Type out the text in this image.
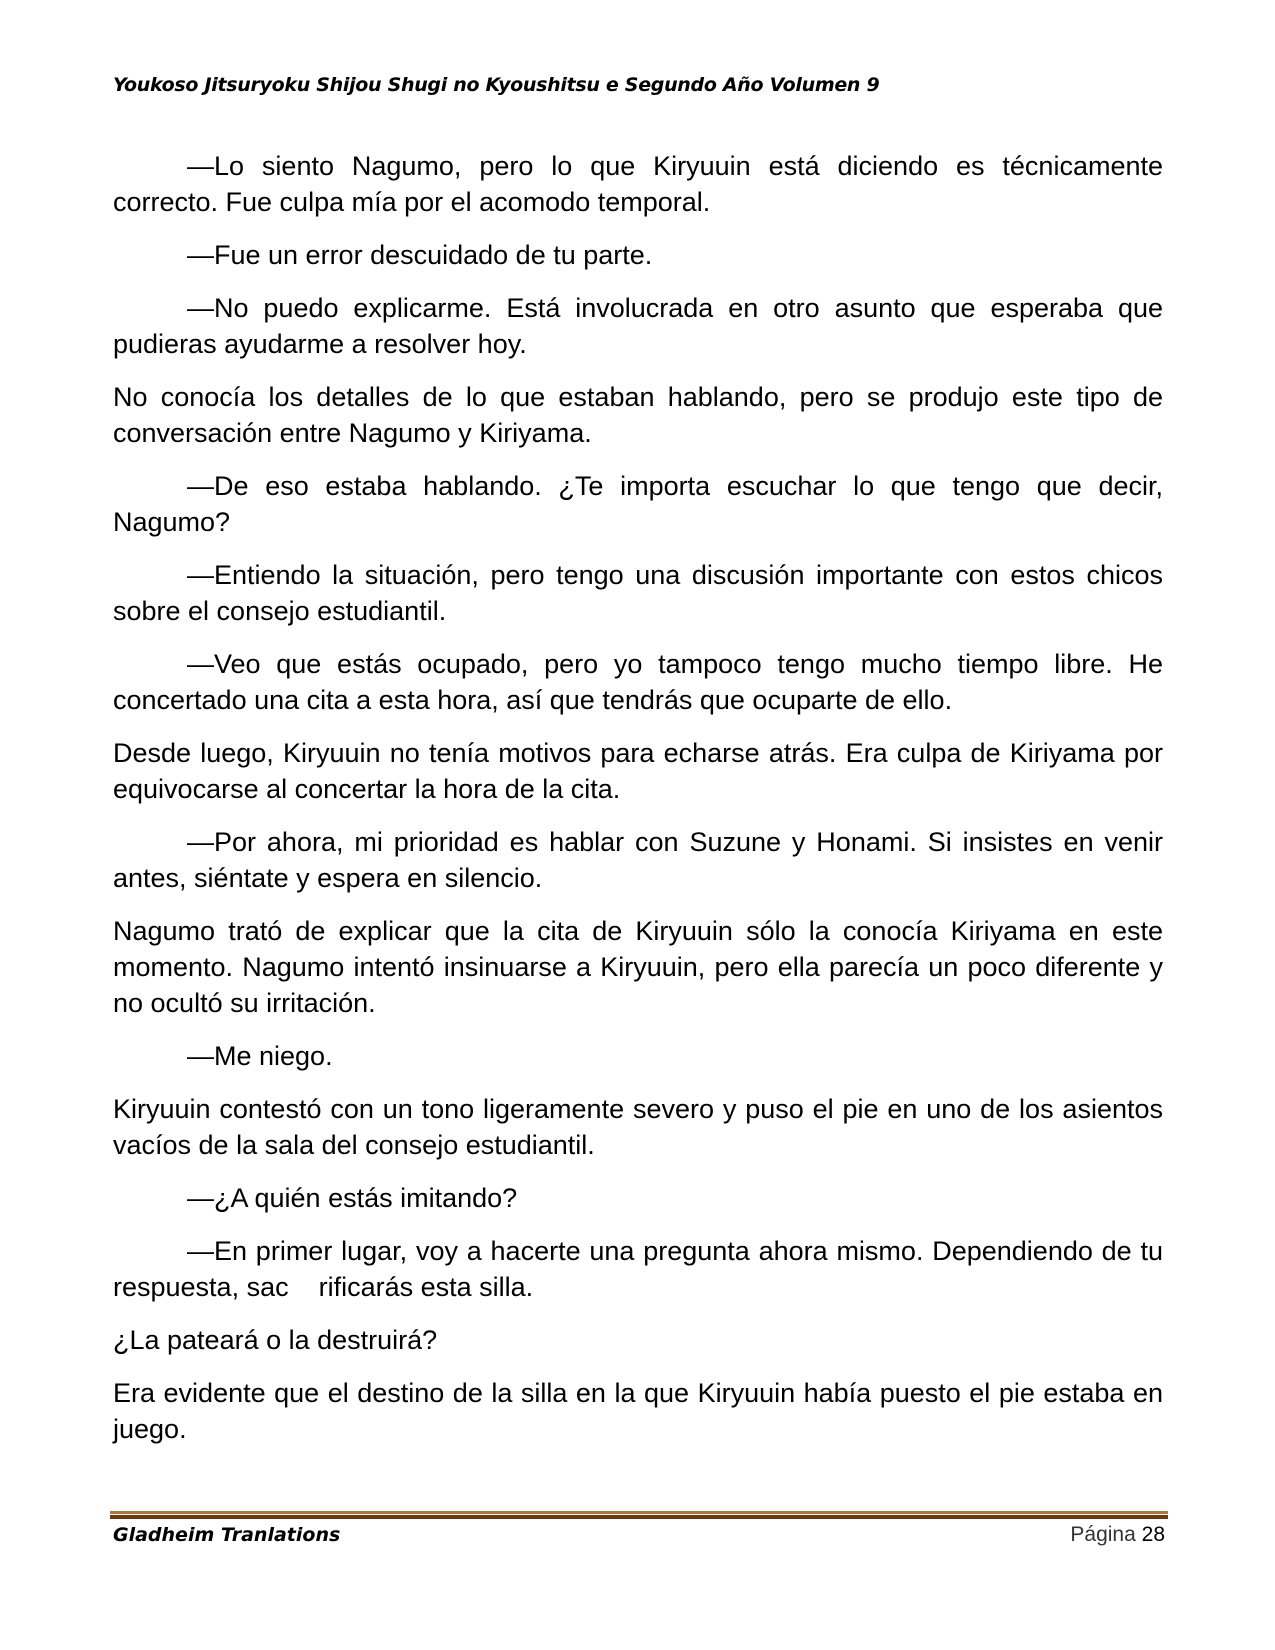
Youkoso Jitsuryoku Shijou Shugi no Kyoushitsu e Segundo Año Volumen 9

—Lo siento Nagumo, pero lo que Kiryuuin está diciendo es técnicamente correcto. Fue culpa mía por el acomodo temporal.

—Fue un error descuidado de tu parte.

—No puedo explicarme. Está involucrada en otro asunto que esperaba que pudieras ayudarme a resolver hoy.

No conocía los detalles de lo que estaban hablando, pero se produjo este tipo de conversación entre Nagumo y Kiriyama.

—De eso estaba hablando. ¿Te importa escuchar lo que tengo que decir, Nagumo?

—Entiendo la situación, pero tengo una discusión importante con estos chicos sobre el consejo estudiantil.

—Veo que estás ocupado, pero yo tampoco tengo mucho tiempo libre. He concertado una cita a esta hora, así que tendrás que ocuparte de ello.

Desde luego, Kiryuuin no tenía motivos para echarse atrás. Era culpa de Kiriyama por equivocarse al concertar la hora de la cita.

—Por ahora, mi prioridad es hablar con Suzune y Honami. Si insistes en venir antes, siéntate y espera en silencio.

Nagumo trató de explicar que la cita de Kiryuuin sólo la conocía Kiriyama en este momento. Nagumo intentó insinuarse a Kiryuuin, pero ella parecía un poco diferente y no ocultó su irritación.

—Me niego.

Kiryuuin contestó con un tono ligeramente severo y puso el pie en uno de los asientos vacíos de la sala del consejo estudiantil.

—¿A quién estás imitando?

—En primer lugar, voy a hacerte una pregunta ahora mismo. Dependiendo de tu respuesta, sac    rificarás esta silla.

¿La pateará o la destruirá?

Era evidente que el destino de la silla en la que Kiryuuin había puesto el pie estaba en juego.

Gladheim Tranlations	Página 28
